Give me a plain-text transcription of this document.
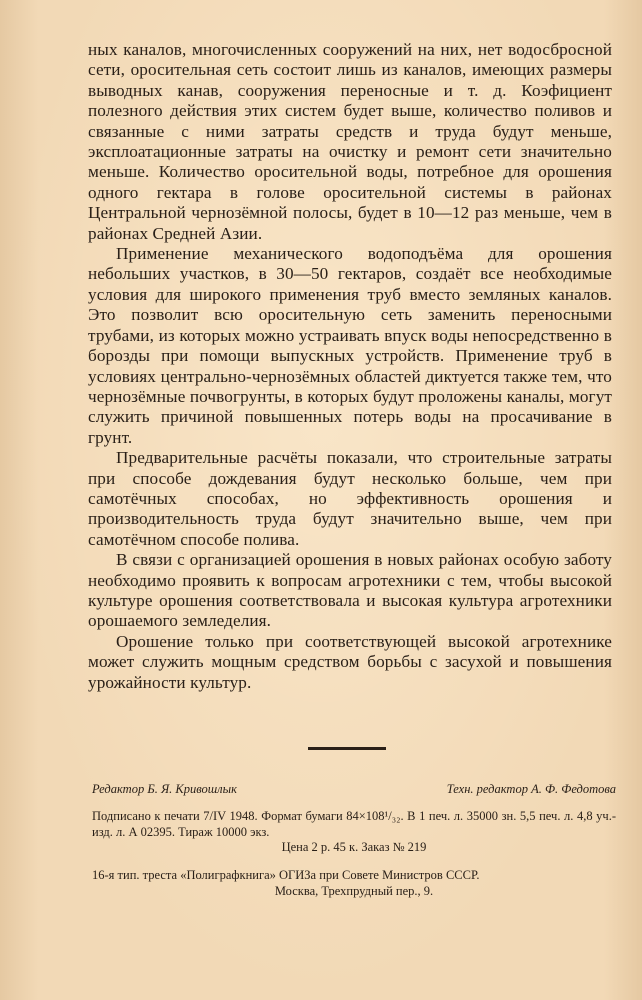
ных каналов, многочисленных сооружений на них, нет водосбросной сети, оросительная сеть состоит лишь из каналов, имеющих размеры выводных канав, сооружения переносные и т. д. Коэфициент полезного действия этих систем будет выше, количество поливов и связанные с ними затраты средств и труда будут меньше, эксплоатационные затраты на очистку и ремонт сети значительно меньше. Количество оросительной воды, потребное для орошения одного гектара в голове оросительной системы в районах Центральной чернозёмной полосы, будет в 10—12 раз меньше, чем в районах Средней Азии.

Применение механического водоподъёма для орошения небольших участков, в 30—50 гектаров, создаёт все необходимые условия для широкого применения труб вместо земляных каналов. Это позволит всю оросительную сеть заменить переносными трубами, из которых можно устраивать впуск воды непосредственно в борозды при помощи выпускных устройств. Применение труб в условиях центрально-чернозёмных областей диктуется также тем, что чернозёмные почвогрунты, в которых будут проложены каналы, могут служить причиной повышенных потерь воды на просачивание в грунт.

Предварительные расчёты показали, что строительные затраты при способе дождевания будут несколько больше, чем при самотёчных способах, но эффективность орошения и производительность труда будут значительно выше, чем при самотёчном способе полива.

В связи с организацией орошения в новых районах особую заботу необходимо проявить к вопросам агротехники с тем, чтобы высокой культуре орошения соответствовала и высокая культура агротехники орошаемого земледелия.

Орошение только при соответствующей высокой агротехнике может служить мощным средством борьбы с засухой и повышения урожайности культур.

Редактор Б. Я. Кривошлык	Техн. редактор А. Ф. Федотова
Подписано к печати 7/IV 1948. Формат бумаги 84×108¹/₃₂. В 1 печ. л. 35000 зн. 5,5 печ. л. 4,8 уч.-изд. л. А 02395. Тираж 10000 экз.
Цена 2 р. 45 к. Заказ № 219
16-я тип. треста «Полиграфкнига» ОГИЗа при Совете Министров СССР.
Москва, Трехпрудный пер., 9.
